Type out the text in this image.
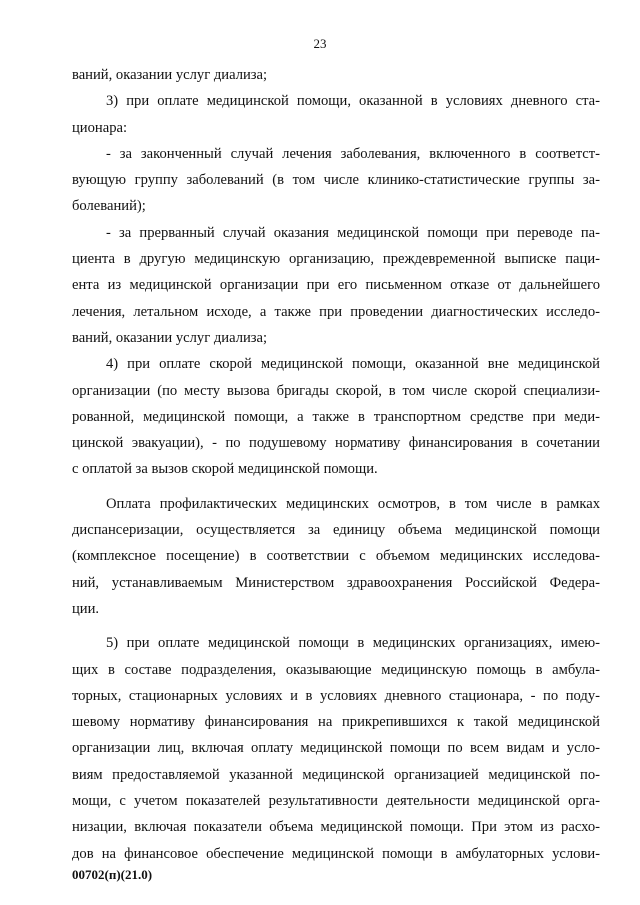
23
ваний, оказании услуг диализа;
3) при оплате медицинской помощи, оказанной в условиях дневного ста-
ционара:
- за законченный случай лечения заболевания, включенного в соответст-
вующую группу заболеваний (в том числе клинико-статистические группы за-
болеваний);
- за прерванный случай оказания медицинской помощи при переводе па-
циента в другую медицинскую организацию, преждевременной выписке паци-
ента из медицинской организации при его письменном отказе от дальнейшего
лечения, летальном исходе, а также при проведении диагностических исследо-
ваний, оказании услуг диализа;
4) при оплате скорой медицинской помощи, оказанной вне медицинской
организации (по месту вызова бригады скорой, в том числе скорой специализи-
рованной, медицинской помощи, а также в транспортном средстве при меди-
цинской эвакуации), - по подушевому нормативу финансирования в сочетании
с оплатой за вызов скорой медицинской помощи.
Оплата профилактических медицинских осмотров, в том числе в рамках
диспансеризации, осуществляется за единицу объема медицинской помощи
(комплексное посещение) в соответствии с объемом медицинских исследова-
ний, устанавливаемым Министерством здравоохранения Российской Федера-
ции.
5) при оплате медицинской помощи в медицинских организациях, имею-
щих в составе подразделения, оказывающие медицинскую помощь в амбула-
торных, стационарных условиях и в условиях дневного стационара, - по поду-
шевому нормативу финансирования на прикрепившихся к такой медицинской
организации лиц, включая оплату медицинской помощи по всем видам и усло-
виям предоставляемой указанной медицинской организацией медицинской по-
мощи, с учетом показателей результативности деятельности медицинской орга-
низации, включая показатели объема медицинской помощи. При этом из расхо-
дов на финансовое обеспечение медицинской помощи в амбулаторных услови-
00702(п)(21.0)
